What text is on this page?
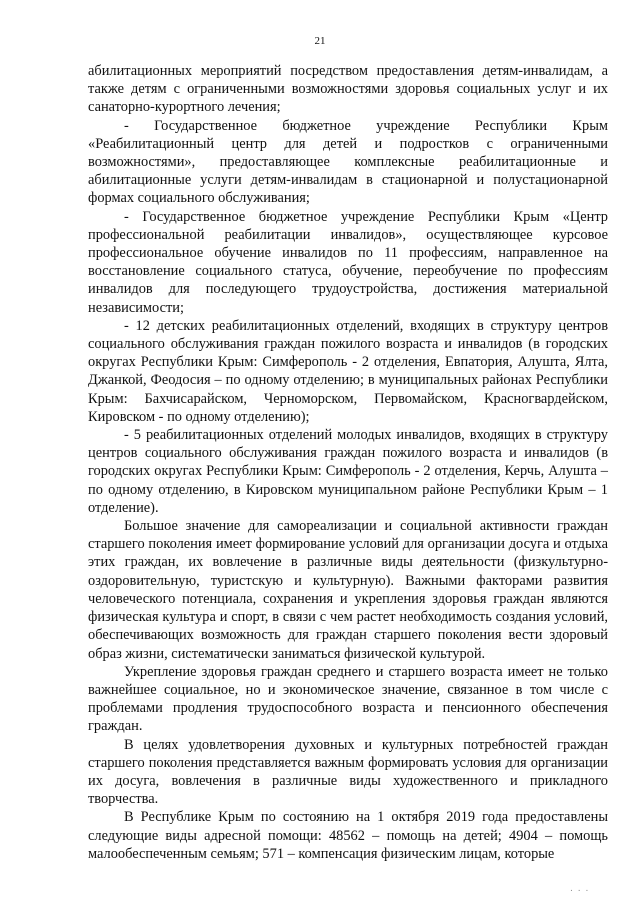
21

абилитационных мероприятий посредством предоставления детям-инвалидам, а также детям с ограниченными возможностями здоровья социальных услуг и их санаторно-курортного лечения;

- Государственное бюджетное учреждение Республики Крым «Реабилитационный центр для детей и подростков с ограниченными возможностями», предоставляющее комплексные реабилитационные и абилитационные услуги детям-инвалидам в стационарной и полустационарной формах социального обслуживания;

- Государственное бюджетное учреждение Республики Крым «Центр профессиональной реабилитации инвалидов», осуществляющее курсовое профессиональное обучение инвалидов по 11 профессиям, направленное на восстановление социального статуса, обучение, переобучение по профессиям инвалидов для последующего трудоустройства, достижения материальной независимости;

- 12 детских реабилитационных отделений, входящих в структуру центров социального обслуживания граждан пожилого возраста и инвалидов (в городских округах Республики Крым: Симферополь - 2 отделения, Евпатория, Алушта, Ялта, Джанкой, Феодосия – по одному отделению; в муниципальных районах Республики Крым: Бахчисарайском, Черноморском, Первомайском, Красногвардейском, Кировском - по одному отделению);

- 5 реабилитационных отделений молодых инвалидов, входящих в структуру центров социального обслуживания граждан пожилого возраста и инвалидов (в городских округах Республики Крым: Симферополь - 2 отделения, Керчь, Алушта – по одному отделению, в Кировском муниципальном районе Республики Крым – 1 отделение).

Большое значение для самореализации и социальной активности граждан старшего поколения имеет формирование условий для организации досуга и отдыха этих граждан, их вовлечение в различные виды деятельности (физкультурно-оздоровительную, туристскую и культурную). Важными факторами развития человеческого потенциала, сохранения и укрепления здоровья граждан являются физическая культура и спорт, в связи с чем растет необходимость создания условий, обеспечивающих возможность для граждан старшего поколения вести здоровый образ жизни, систематически заниматься физической культурой.

Укрепление здоровья граждан среднего и старшего возраста имеет не только важнейшее социальное, но и экономическое значение, связанное в том числе с проблемами продления трудоспособного возраста и пенсионного обеспечения граждан.

В целях удовлетворения духовных и культурных потребностей граждан старшего поколения представляется важным формировать условия для организации их досуга, вовлечения в различные виды художественного и прикладного творчества.

В Республике Крым по состоянию на 1 октября 2019 года предоставлены следующие виды адресной помощи: 48562 – помощь на детей; 4904 – помощь малообеспеченным семьям; 571 – компенсация физическим лицам, которые

. . .
